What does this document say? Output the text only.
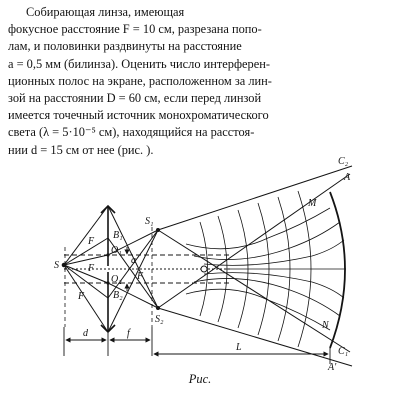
Собирающая линза, имеющая
фокусное расстояние F = 10 см, разрезана попо-
лам, и половинки раздвинуты на расстояние
a = 0,5 мм (билинза). Оценить число интерферен-
ционных полос на экране, расположенном за лин-
зой на расстоянии D = 60 см, если перед линзой
имеется точечный источник монохроматического
света (λ = 5·10⁻⁵ см), находящийся на расстоя-
нии d = 15 см от нее (рис. ).
S
S₁
S₂
B₁
B₂
O₁
O₂
a
F
F
F
F
C₂
A
C₁
A'
M
N
d	f
L
Рис.
